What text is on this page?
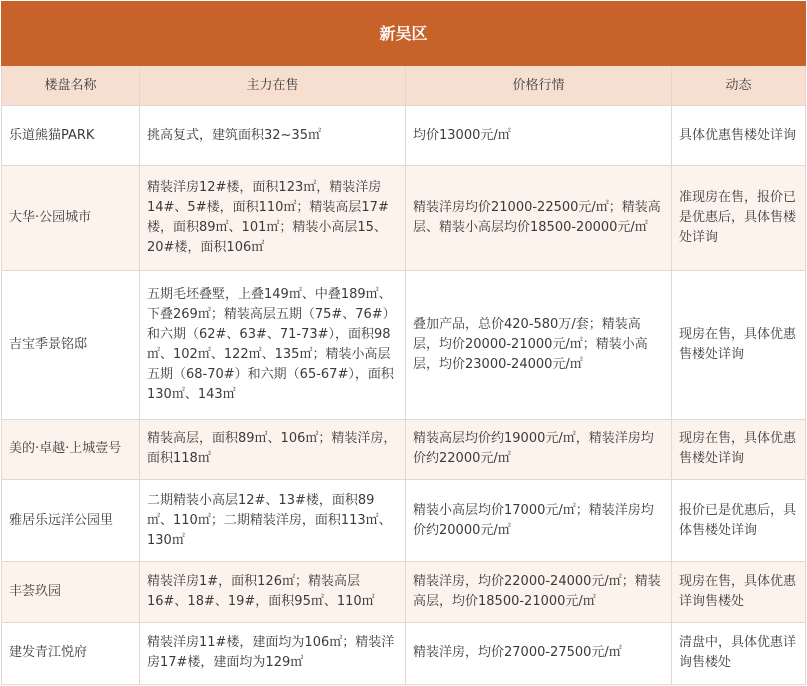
新吴区			
楼盘名称	主力在售	价格行情	动态
乐道熊猫PARK	挑高复式，建筑面积32~35㎡	均价13000元/㎡	具体优惠售楼处详询
大华·公园城市	精装洋房12#楼，面积123㎡，精装洋房14#、5#楼，面积110㎡；精装高层17#楼，面积89㎡、101㎡；精装小高层15、20#楼，面积106㎡	精装洋房均价21000-22500元/㎡；精装高层、精装小高层均价18500-20000元/㎡	准现房在售，报价已是优惠后，具体售楼处详询
吉宝季景铭邸	五期毛坯叠墅，上叠149㎡、中叠189㎡、下叠269㎡；精装高层五期（75#、76#）和六期（62#、63#、71-73#），面积98㎡、102㎡、122㎡、135㎡；精装小高层五期（68-70#）和六期（65-67#），面积130㎡、143㎡	叠加产品，总价420-580万/套；精装高层，均价20000-21000元/㎡；精装小高层，均价23000-24000元/㎡	现房在售，具体优惠售楼处详询
美的·卓越·上城壹号	精装高层，面积89㎡、106㎡；精装洋房，面积118㎡	精装高层均价约19000元/㎡，精装洋房均价约22000元/㎡	现房在售，具体优惠售楼处详询
雅居乐远洋公园里	二期精装小高层12#、13#楼，面积89㎡、110㎡；二期精装洋房，面积113㎡、130㎡	精装小高层均价17000元/㎡；精装洋房均价约20000元/㎡	报价已是优惠后，具体售楼处详询
丰荟玖园	精装洋房1#，面积126㎡；精装高层16#、18#、19#，面积95㎡、110㎡	精装洋房，均价22000-24000元/㎡；精装高层，均价18500-21000元/㎡	现房在售，具体优惠详询售楼处
建发青江悦府	精装洋房11#楼，建面均为106㎡；精装洋房17#楼，建面均为129㎡	精装洋房，均价27000-27500元/㎡	清盘中，具体优惠详询售楼处
